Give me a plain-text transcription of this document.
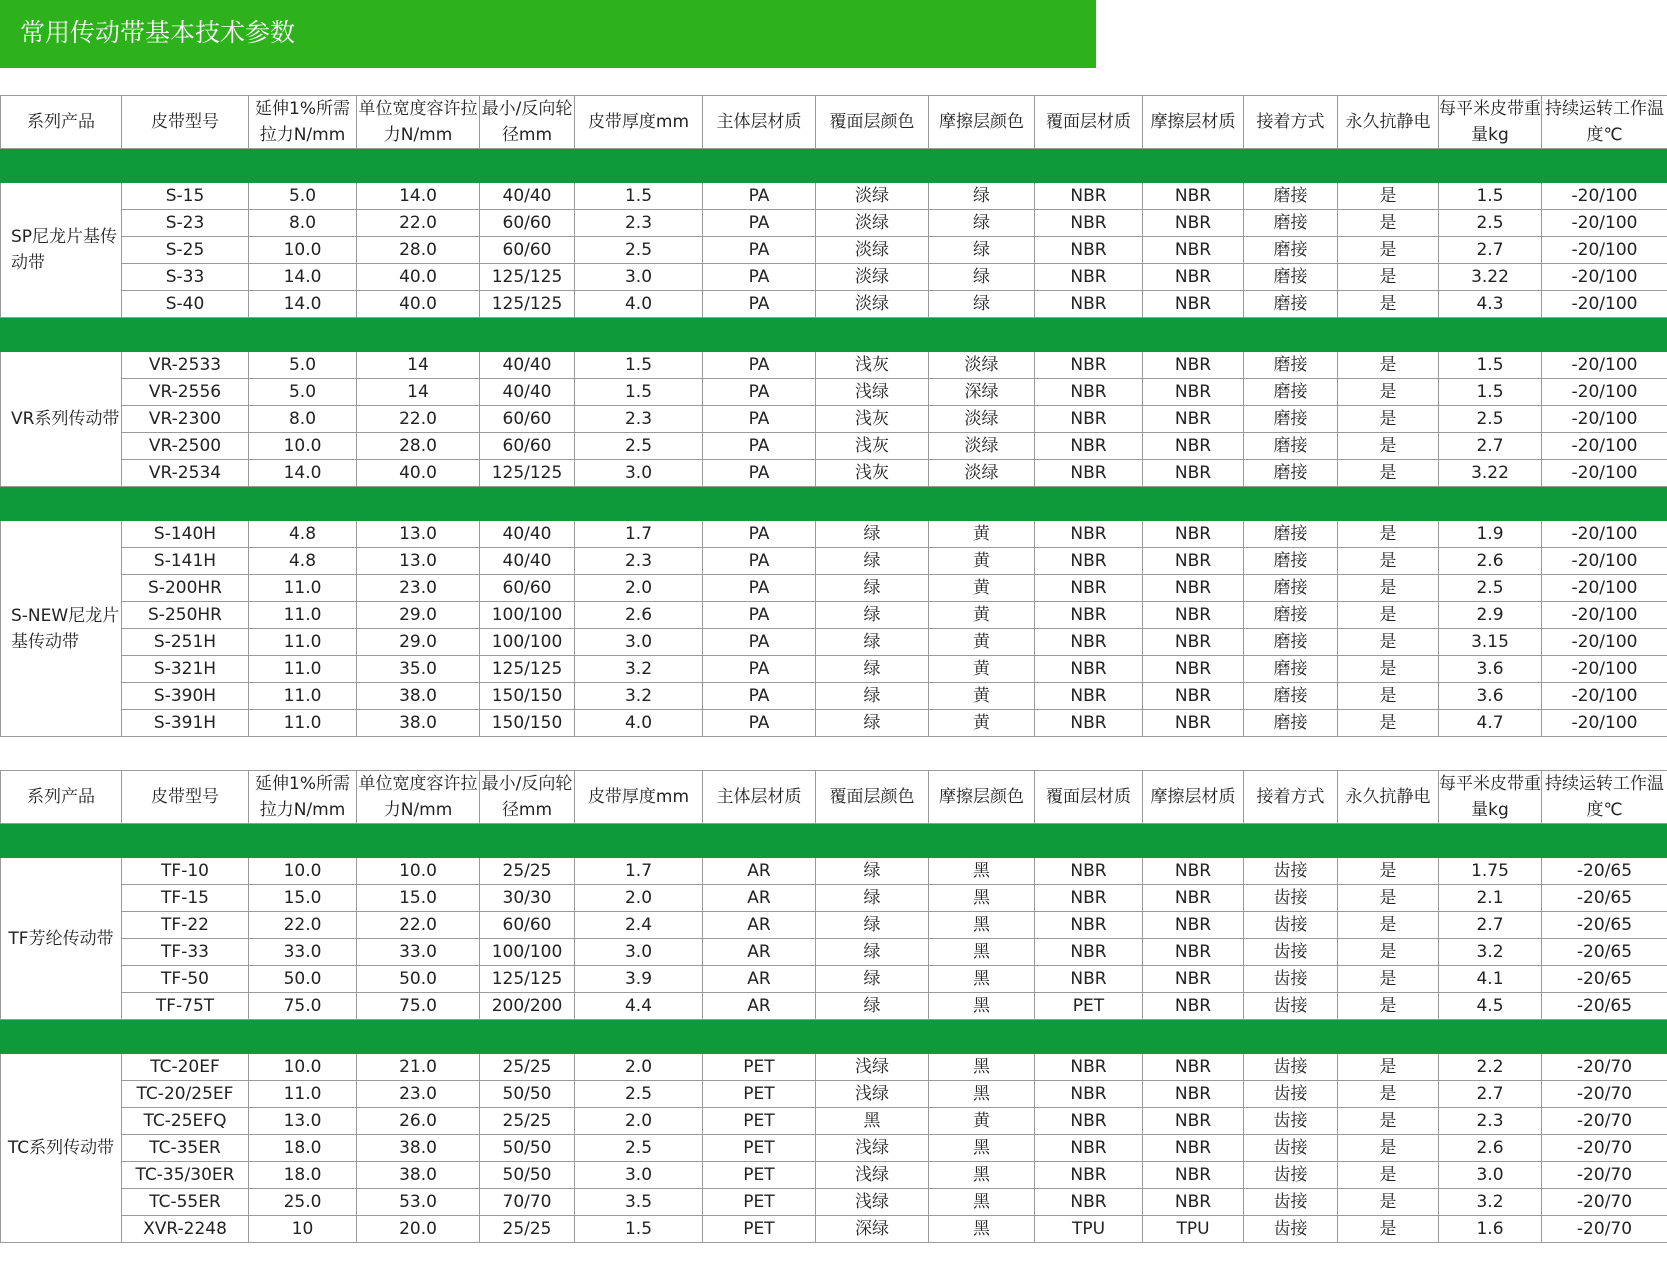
常用传动带基本技术参数
系列产品	皮带型号	延伸1%所需拉力N/mm	单位宽度容许拉力N/mm	最小/反向轮径mm	皮带厚度mm	主体层材质	覆面层颜色	摩擦层颜色	覆面层材质	摩擦层材质	接着方式	永久抗静电	每平米皮带重量kg	持续运转工作温度℃

SP尼龙片基传动带	S-15	5.0	14.0	40/40	1.5	PA	淡绿	绿	NBR	NBR	磨接	是	1.5	-20/100
	S-23	8.0	22.0	60/60	2.3	PA	淡绿	绿	NBR	NBR	磨接	是	2.5	-20/100
	S-25	10.0	28.0	60/60	2.5	PA	淡绿	绿	NBR	NBR	磨接	是	2.7	-20/100
	S-33	14.0	40.0	125/125	3.0	PA	淡绿	绿	NBR	NBR	磨接	是	3.22	-20/100
	S-40	14.0	40.0	125/125	4.0	PA	淡绿	绿	NBR	NBR	磨接	是	4.3	-20/100

VR系列传动带	VR-2533	5.0	14	40/40	1.5	PA	浅灰	淡绿	NBR	NBR	磨接	是	1.5	-20/100
	VR-2556	5.0	14	40/40	1.5	PA	浅绿	深绿	NBR	NBR	磨接	是	1.5	-20/100
	VR-2300	8.0	22.0	60/60	2.3	PA	浅灰	淡绿	NBR	NBR	磨接	是	2.5	-20/100
	VR-2500	10.0	28.0	60/60	2.5	PA	浅灰	淡绿	NBR	NBR	磨接	是	2.7	-20/100
	VR-2534	14.0	40.0	125/125	3.0	PA	浅灰	淡绿	NBR	NBR	磨接	是	3.22	-20/100

S-NEW尼龙片基传动带	S-140H	4.8	13.0	40/40	1.7	PA	绿	黄	NBR	NBR	磨接	是	1.9	-20/100
	S-141H	4.8	13.0	40/40	2.3	PA	绿	黄	NBR	NBR	磨接	是	2.6	-20/100
	S-200HR	11.0	23.0	60/60	2.0	PA	绿	黄	NBR	NBR	磨接	是	2.5	-20/100
	S-250HR	11.0	29.0	100/100	2.6	PA	绿	黄	NBR	NBR	磨接	是	2.9	-20/100
	S-251H	11.0	29.0	100/100	3.0	PA	绿	黄	NBR	NBR	磨接	是	3.15	-20/100
	S-321H	11.0	35.0	125/125	3.2	PA	绿	黄	NBR	NBR	磨接	是	3.6	-20/100
	S-390H	11.0	38.0	150/150	3.2	PA	绿	黄	NBR	NBR	磨接	是	3.6	-20/100
	S-391H	11.0	38.0	150/150	4.0	PA	绿	黄	NBR	NBR	磨接	是	4.7	-20/100
系列产品	皮带型号	延伸1%所需拉力N/mm	单位宽度容许拉力N/mm	最小/反向轮径mm	皮带厚度mm	主体层材质	覆面层颜色	摩擦层颜色	覆面层材质	摩擦层材质	接着方式	永久抗静电	每平米皮带重量kg	持续运转工作温度℃

TF芳纶传动带	TF-10	10.0	10.0	25/25	1.7	AR	绿	黑	NBR	NBR	齿接	是	1.75	-20/65
	TF-15	15.0	15.0	30/30	2.0	AR	绿	黑	NBR	NBR	齿接	是	2.1	-20/65
	TF-22	22.0	22.0	60/60	2.4	AR	绿	黑	NBR	NBR	齿接	是	2.7	-20/65
	TF-33	33.0	33.0	100/100	3.0	AR	绿	黑	NBR	NBR	齿接	是	3.2	-20/65
	TF-50	50.0	50.0	125/125	3.9	AR	绿	黑	NBR	NBR	齿接	是	4.1	-20/65
	TF-75T	75.0	75.0	200/200	4.4	AR	绿	黑	PET	NBR	齿接	是	4.5	-20/65

TC系列传动带	TC-20EF	10.0	21.0	25/25	2.0	PET	浅绿	黑	NBR	NBR	齿接	是	2.2	-20/70
	TC-20/25EF	11.0	23.0	50/50	2.5	PET	浅绿	黑	NBR	NBR	齿接	是	2.7	-20/70
	TC-25EFQ	13.0	26.0	25/25	2.0	PET	黑	黄	NBR	NBR	齿接	是	2.3	-20/70
	TC-35ER	18.0	38.0	50/50	2.5	PET	浅绿	黑	NBR	NBR	齿接	是	2.6	-20/70
	TC-35/30ER	18.0	38.0	50/50	3.0	PET	浅绿	黑	NBR	NBR	齿接	是	3.0	-20/70
	TC-55ER	25.0	53.0	70/70	3.5	PET	浅绿	黑	NBR	NBR	齿接	是	3.2	-20/70
	XVR-2248	10	20.0	25/25	1.5	PET	深绿	黑	TPU	TPU	齿接	是	1.6	-20/70
